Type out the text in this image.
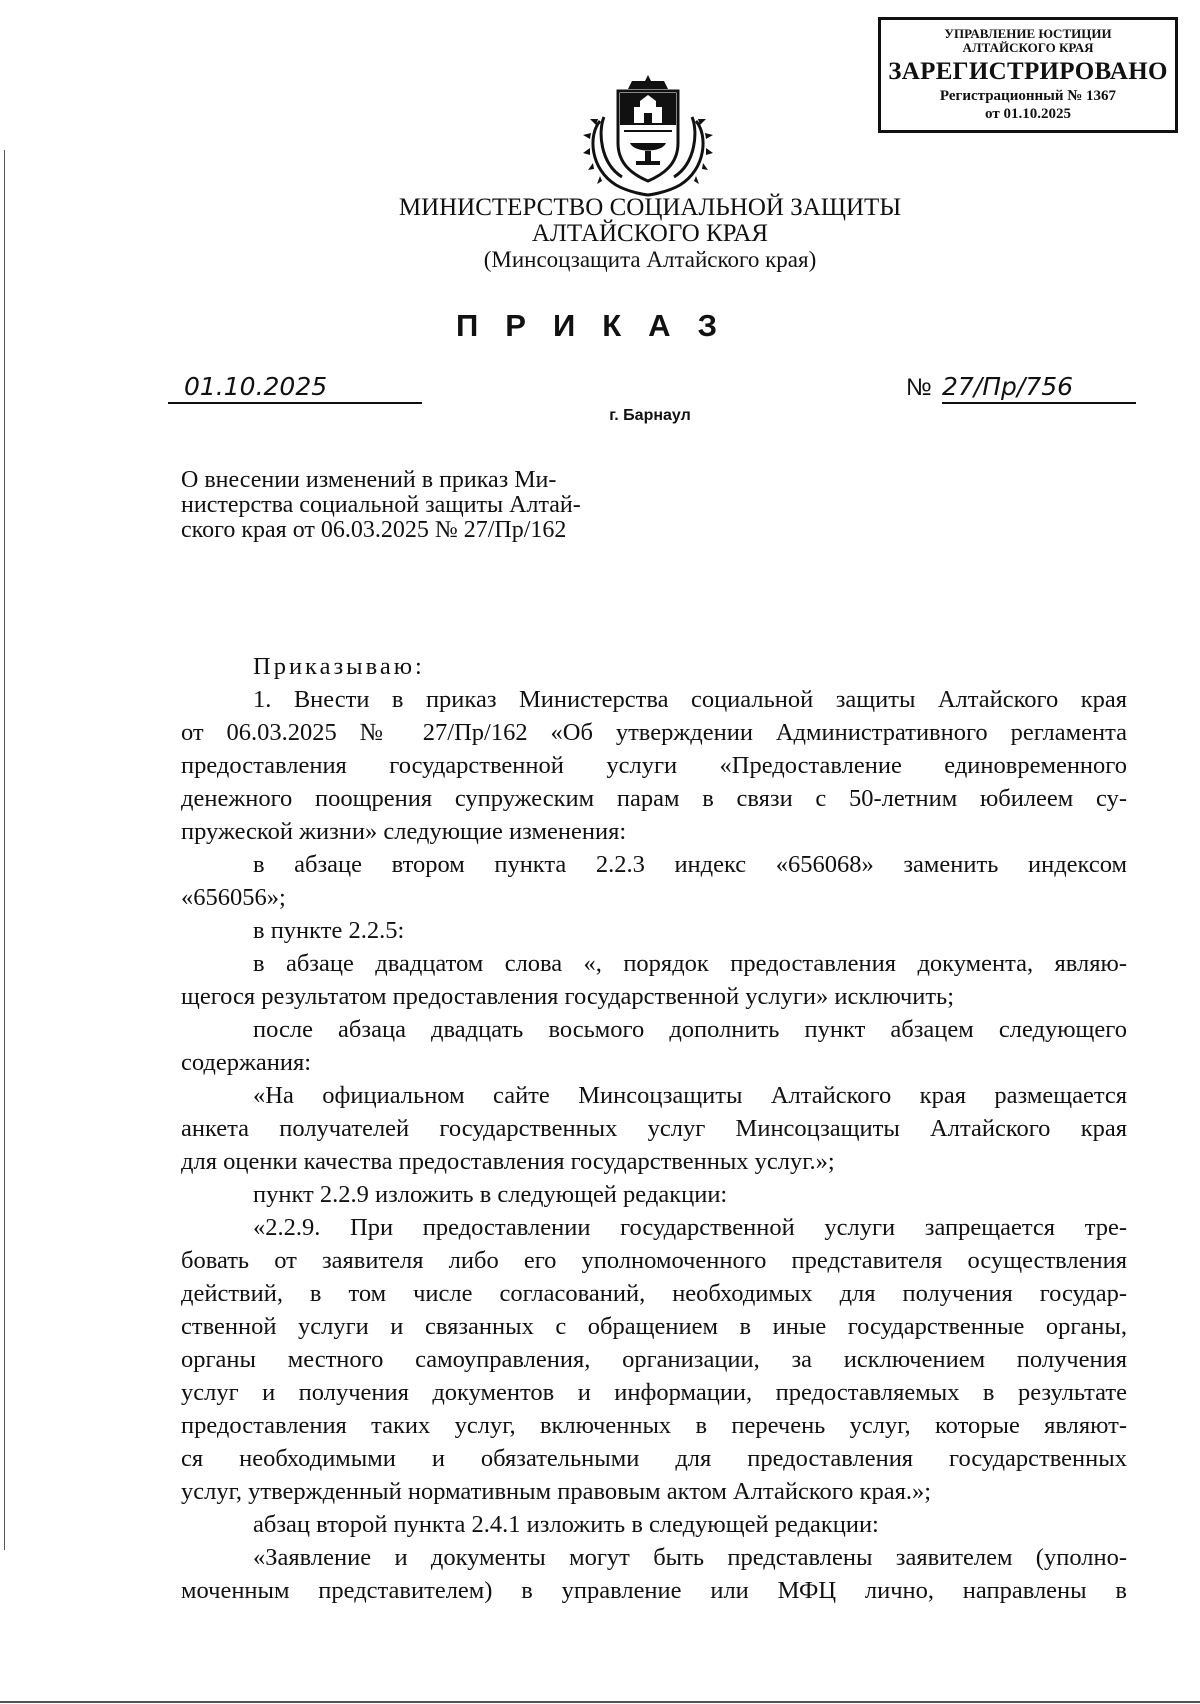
УПРАВЛЕНИЕ ЮСТИЦИИ
АЛТАЙСКОГО КРАЯ
ЗАРЕГИСТРИРОВАНО
Регистрационный № 1367
от 01.10.2025
МИНИСТЕРСТВО СОЦИАЛЬНОЙ ЗАЩИТЫ
АЛТАЙСКОГО КРАЯ
(Минсоцзащита Алтайского края)
ПРИКАЗ
01.10.2025	№ 27/Пр/756
г. Барнаул
О внесении изменений в приказ Ми-
нистерства социальной защиты Алтай-
ского края от 06.03.2025 № 27/Пр/162
Приказываю:
1. Внести в приказ Министерства социальной защиты Алтайского края
от 06.03.2025 № 27/Пр/162 «Об утверждении Административного регламента
предоставления государственной услуги «Предоставление единовременного
денежного поощрения супружеским парам в связи с 50-летним юбилеем су-
пружеской жизни» следующие изменения:
в абзаце втором пункта 2.2.3 индекс «656068» заменить индексом
«656056»;
в пункте 2.2.5:
в абзаце двадцатом слова «, порядок предоставления документа, являю-
щегося результатом предоставления государственной услуги» исключить;
после абзаца двадцать восьмого дополнить пункт абзацем следующего
содержания:
«На официальном сайте Минсоцзащиты Алтайского края размещается
анкета получателей государственных услуг Минсоцзащиты Алтайского края
для оценки качества предоставления государственных услуг.»;
пункт 2.2.9 изложить в следующей редакции:
«2.2.9. При предоставлении государственной услуги запрещается тре-
бовать от заявителя либо его уполномоченного представителя осуществления
действий, в том числе согласований, необходимых для получения государ-
ственной услуги и связанных с обращением в иные государственные органы,
органы местного самоуправления, организации, за исключением получения
услуг и получения документов и информации, предоставляемых в результате
предоставления таких услуг, включенных в перечень услуг, которые являют-
ся необходимыми и обязательными для предоставления государственных
услуг, утвержденный нормативным правовым актом Алтайского края.»;
абзац второй пункта 2.4.1 изложить в следующей редакции:
«Заявление и документы могут быть представлены заявителем (уполно-
моченным представителем) в управление или МФЦ лично, направлены в
